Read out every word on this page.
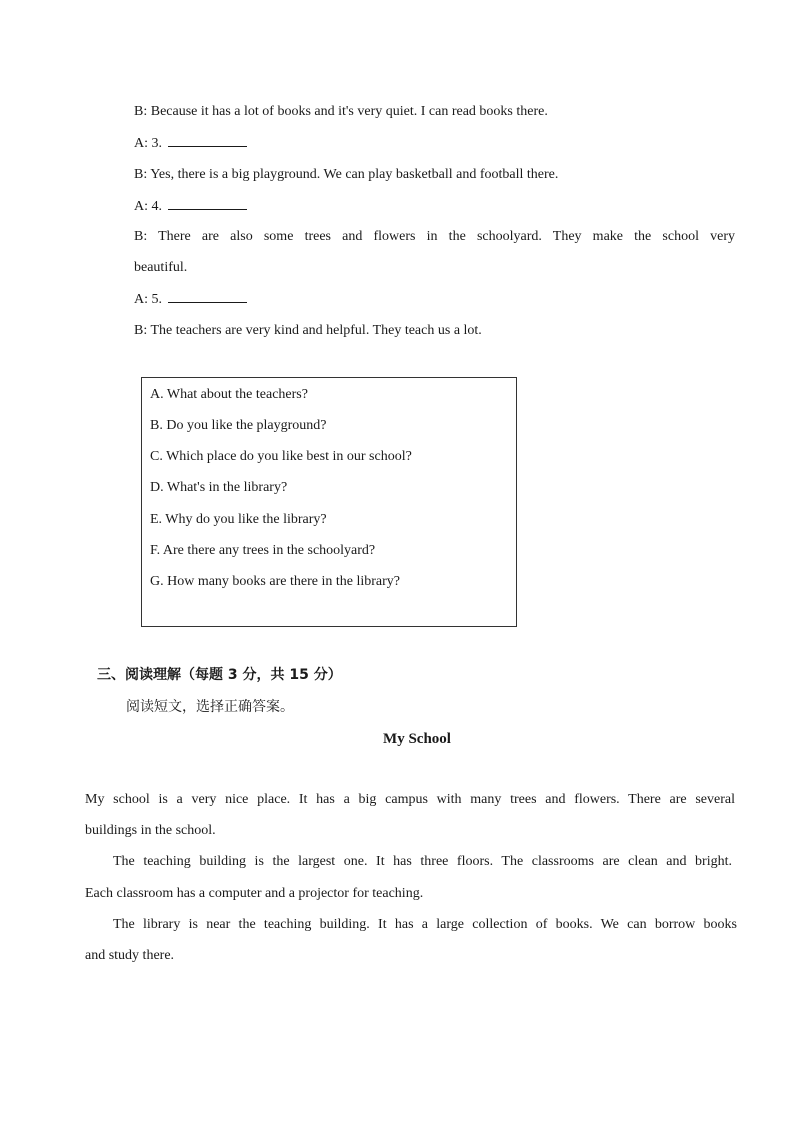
B: Because it has a lot of books and it's very quiet. I can read books there.
A: 3.
B: Yes, there is a big playground. We can play basketball and football there.
A: 4.
B: There are also some trees and flowers in the schoolyard. They make the school very
beautiful.
A: 5.
B: The teachers are very kind and helpful. They teach us a lot.
A. What about the teachers?
B. Do you like the playground?
C. Which place do you like best in our school?
D. What's in the library?
E. Why do you like the library?
F. Are there any trees in the schoolyard?
G. How many books are there in the library?
三、阅读理解（每题 3 分，共 15 分）
阅读短文，选择正确答案。
My School
My school is a very nice place. It has a big campus with many trees and flowers. There are several
buildings in the school.
The teaching building is the largest one. It has three floors. The classrooms are clean and bright.
Each classroom has a computer and a projector for teaching.
The library is near the teaching building. It has a large collection of books. We can borrow books
and study there.
